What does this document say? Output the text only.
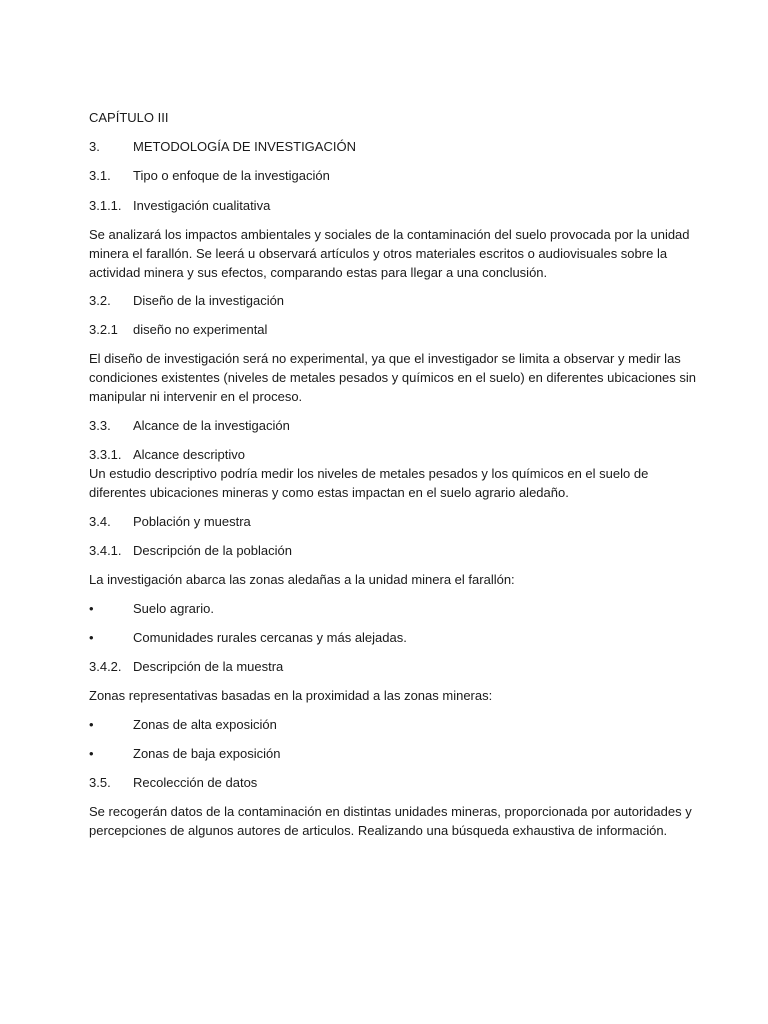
CAPÍTULO III
3.	METODOLOGÍA DE INVESTIGACIÓN
3.1. Tipo o enfoque de la investigación
3.1.1. Investigación cualitativa
Se analizará los impactos ambientales y sociales de la contaminación del suelo provocada por la unidad
minera el farallón. Se leerá u observará artículos y otros materiales escritos o audiovisuales sobre la
actividad minera y sus efectos, comparando estas para llegar a una conclusión.
3.2. Diseño de la investigación
3.2.1 diseño no experimental
El diseño de investigación será no experimental, ya que el investigador se limita a observar y medir las
condiciones existentes (niveles de metales pesados y químicos en el suelo) en diferentes ubicaciones sin
manipular ni intervenir en el proceso.
3.3. Alcance de la investigación
3.3.1. Alcance descriptivo
Un estudio descriptivo podría medir los niveles de metales pesados y los químicos en el suelo de
diferentes ubicaciones mineras y como estas impactan en el suelo agrario aledaño.
3.4. Población y muestra
3.4.1. Descripción de la población
La investigación abarca las zonas aledañas a la unidad minera el farallón:
•	Suelo agrario.
•	Comunidades rurales cercanas y más alejadas.
3.4.2. Descripción de la muestra
Zonas representativas basadas en la proximidad a las zonas mineras:
•	Zonas de alta exposición
•	Zonas de baja exposición
3.5. Recolección de datos
Se recogerán datos de la contaminación en distintas unidades mineras, proporcionada por autoridades y
percepciones de algunos autores de articulos. Realizando una búsqueda exhaustiva de información.
